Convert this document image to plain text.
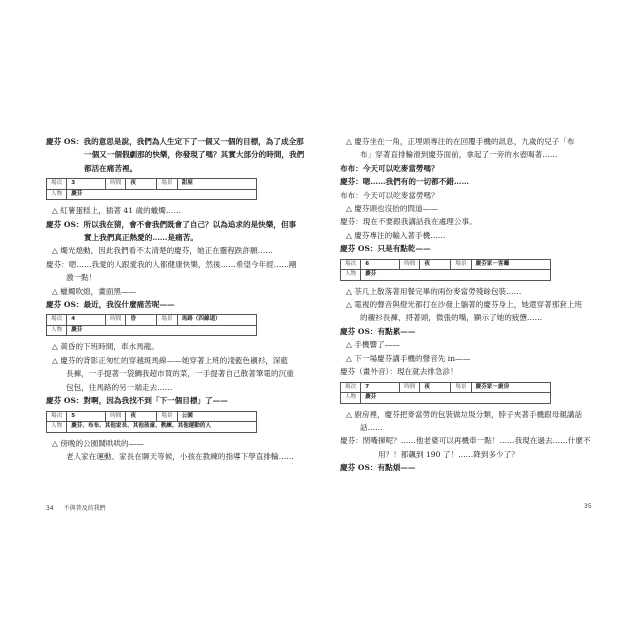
慶芬 OS：我的意思是說，我們為人生定下了一個又一個的目標，為了成全那

一個又一個假劇那的快樂，你發現了嗎？其實大部分的時間，我們

都活在痛苦裡。

場次	3	時間	夜	場景	甜屋
人物	慶芬				

△ 紅薯蛋糕上，插著 41 歲的蠟燭……

慶芬 OS：所以我在猜，會不會我們既會了自己？以為追求的是快樂，但事

實上我們真正熱愛的……是痛苦。

△ 燭光熄動，因此我們看不太清楚的慶芬，她正在靈程跌許願……

慶芬：嗯……我愛的人跟愛我的人都健康快樂，然後……希望今年經……剛

激一點！

△ 蠟燭吹熄，畫面黑——

慶芬 OS：最近，我沒什麼痛苦呢——

場次	4	時間	昏	場景	馬路（四線道）
人物	慶芬				

△ 黃昏的下班時間，車水馬龍。

△ 慶芬的背影正匆忙的穿越斑馬線——她穿著上班的淺藍色襯衫，深藍

長褲，一手提著一袋鯛我超市買的菜，一手提著自己散著筆電的沉重

包包，往馬路的另一端走去……

慶芬 OS：對啊，因為我找不到「下一個目標」了——

場次	5	時間	夜	場景	公園
人物	慶芬、布布、其他家長、其他孩童、教練、其他運動的人				

△ 傍晚的公園鬧哄哄的——

老人家在運動、家長在聊天等候，小孩在教練的指導下學直排輪……

34 不與普及的我們

△ 慶芬坐在一角，正埋頭專注的在回覆手機的訊息，九歲的兒子「布

布」穿著直排輪滑到慶芬面前，拿起了一旁的水壺喝著……

布布：今天可以吃麥當勞嗎？

慶芬：嗯……我們有的一切都不錯……

布布：今天可以吃麥當勞嗎？

△ 慶芬頭也沒抬的問道——

慶芬：現在不要跟我講話我在處理公事。

△ 慶芬專注的輸入著手機……

慶芬 OS：只是有點乾——

場次	6	時間	夜	場景	慶芬家－客廳
人物	慶芬				

△ 茶几上散落著用餐完畢的兩份麥當勞殘餘包裝……

△ 電視的聲音與燈光都打在沙發上躺著的慶芬身上，她還穿著那套上班

的襯衫長褲，捋著頭，微張的嘴，顯示了她的疲憊……

慶芬 OS：有點累——

△ 手機響了——

△ 下一場慶芬講手機的聲音先 in——

慶芬（畫外音）：現在就去排急診！

場次	7	時間	夜	場景	慶芬家－廚房
人物	慶芬				

△ 廚房裡，慶芬把麥當勞的包裝做垃圾分類，脖子夾著手機跟母親講話

話……

慶芬：閉嘴揮呢？……他老婆可以再機車一點！……我現在過去……什麼不

用？！都飆到 190 了！……降到多少了？

慶芬 OS：有點煩——

35
